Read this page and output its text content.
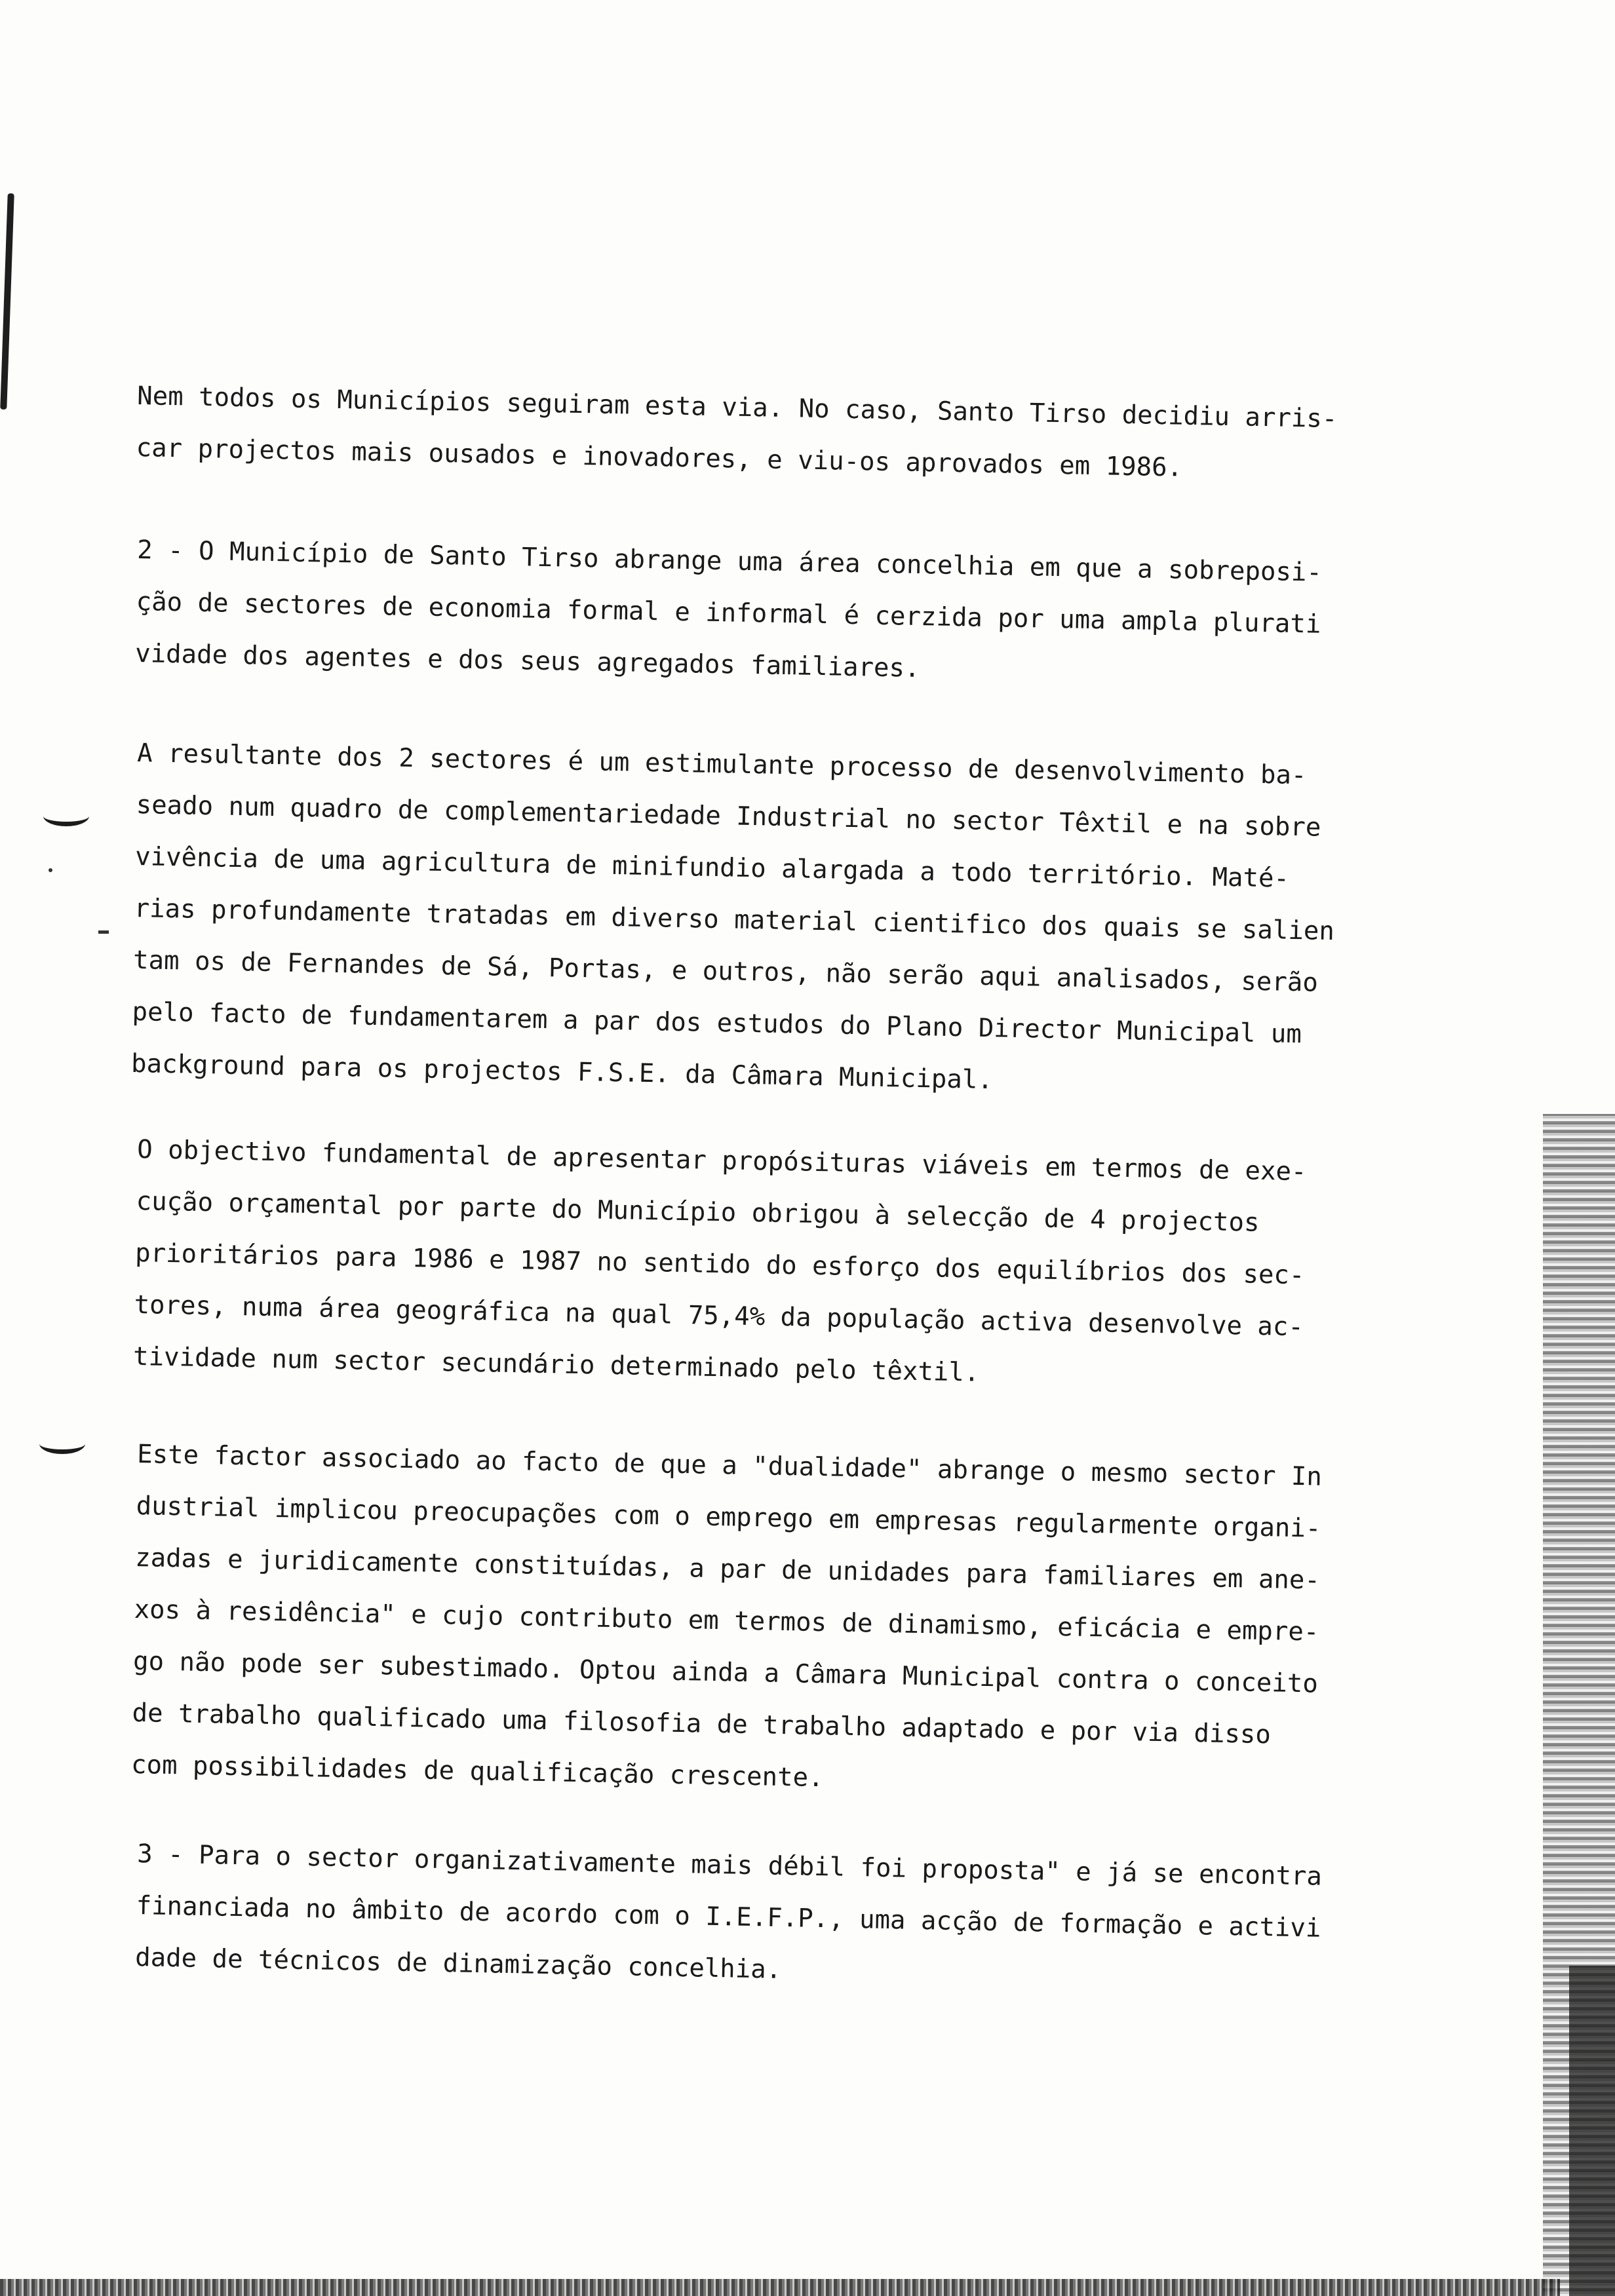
Nem todos os Municípios seguiram esta via. No caso, Santo Tirso decidiu arris-
car projectos mais ousados e inovadores, e viu-os aprovados em 1986.
2 - O Município de Santo Tirso abrange uma área concelhia em que a sobreposi-
ção de sectores de economia formal e informal é cerzida por uma ampla plurati
vidade dos agentes e dos seus agregados familiares.
A resultante dos 2 sectores é um estimulante processo de desenvolvimento ba-
seado num quadro de complementariedade Industrial no sector Têxtil e na sobre
vivência de uma agricultura de minifundio alargada a todo território. Maté-
rias profundamente tratadas em diverso material cientifico dos quais se salien
tam os de Fernandes de Sá, Portas, e outros, não serão aqui analisados, serão
pelo facto de fundamentarem a par dos estudos do Plano Director Municipal um
background para os projectos F.S.E. da Câmara Municipal.
O objectivo fundamental de apresentar propósituras viáveis em termos de exe-
cução orçamental por parte do Município obrigou à selecção de 4 projectos
prioritários para 1986 e 1987 no sentido do esforço dos equilíbrios dos sec-
tores, numa área geográfica na qual 75,4% da população activa desenvolve ac-
tividade num sector secundário determinado pelo têxtil.
Este factor associado ao facto de que a "dualidade" abrange o mesmo sector In
dustrial implicou preocupações com o emprego em empresas regularmente organi-
zadas e juridicamente constituídas, a par de unidades para familiares em ane-
xos à residência" e cujo contributo em termos de dinamismo, eficácia e empre-
go não pode ser subestimado. Optou ainda a Câmara Municipal contra o conceito
de trabalho qualificado uma filosofia de trabalho adaptado e por via disso
com possibilidades de qualificação crescente.
3 - Para o sector organizativamente mais débil foi proposta" e já se encontra
financiada no âmbito de acordo com o I.E.F.P., uma acção de formação e activi
dade de técnicos de dinamização concelhia.
